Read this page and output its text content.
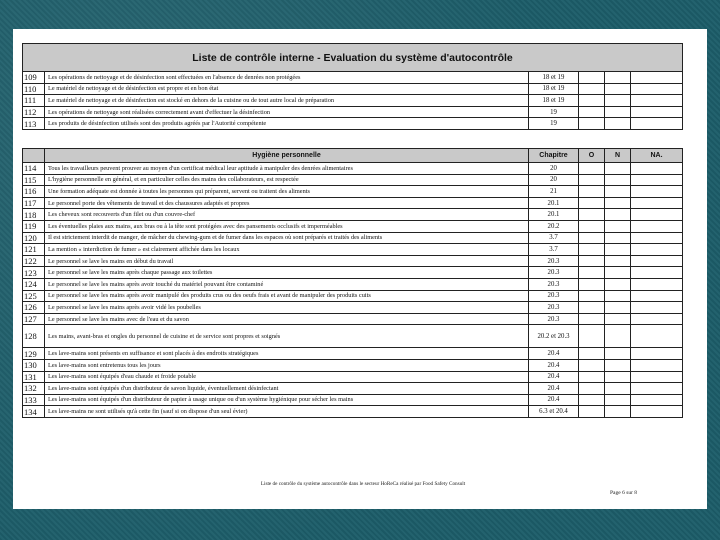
Liste de contrôle interne - Evaluation du système d'autocontrôle					
109	Les opérations de nettoyage et de désinfection sont effectuées en l'absence de denrées non protégées	18 et 19			
110	Le matériel de nettoyage et de désinfection est propre et en bon état	18 et 19			
111	Le matériel de nettoyage et de désinfection est stocké en dehors de la cuisine ou de tout autre local de préparation	18 et 19			
112	Les opérations de nettoyage sont réalisées correctement avant d'effectuer la désinfection	19			
113	Les produits de désinfection utilisés sont des produits agréés par l'Autorité compétente	19			
	Hygiène personnelle	Chapitre	O	N	NA.
114	Tous les travailleurs peuvent prouver au moyen d'un certificat médical leur aptitude à manipuler des denrées alimentaires	20			
115	L'hygiène personnelle en général, et en particulier celles des mains des collaborateurs, est respectée	20			
116	Une formation adéquate est donnée à toutes les personnes qui préparent, servent ou traitent des aliments	21			
117	Le personnel porte des vêtements de travail et des chaussures adaptés et propres	20.1			
118	Les cheveux sont recouverts d'un filet ou d'un couvre-chef	20.1			
119	Les éventuelles plaies aux mains, aux bras ou à la tête sont protégées avec des pansements occlusifs et imperméables	20.2			
120	Il est strictement interdit de manger, de mâcher du chewing-gum et de fumer dans les espaces où sont préparés et traités des aliments	3.7			
121	La mention « interdiction de fumer » est clairement affichée dans les locaux	3.7			
122	Le personnel se lave les mains en début du travail	20.3			
123	Le personnel se lave les mains après chaque passage aux toilettes	20.3			
124	Le personnel se lave les mains après avoir touché du matériel pouvant être contaminé	20.3			
125	Le personnel se lave les mains après avoir manipulé des produits crus ou des oeufs frais et avant de manipuler des produits cuits	20.3			
126	Le personnel se lave les mains après avoir vidé les poubelles	20.3			
127	Le personnel se lave les mains avec de l'eau et du savon	20.3			
128	Les mains, avant-bras et ongles du personnel de cuisine et de service sont propres et soignés	20.2 et 20.3			
129	Les lave-mains sont présents en suffisance et sont placés à des endroits stratégiques	20.4			
130	Les lave-mains sont entretenus tous les jours	20.4			
131	Les lave-mains sont équipés d'eau chaude et froide potable	20.4			
132	Les lave-mains sont équipés d'un distributeur de savon liquide, éventuellement désinfectant	20.4			
133	Les lave-mains sont équipés d'un distributeur de papier à usage unique ou d'un système hygiénique pour sécher les mains	20.4			
134	Les lave-mains ne sont utilisés qu'à cette fin (sauf si on dispose d'un seul évier)	6.3 et 20.4			
Liste de contrôle du système autocontrôle dans le secteur HoReCa réalisé par Food Safety Consult
Page 6 sur 8
